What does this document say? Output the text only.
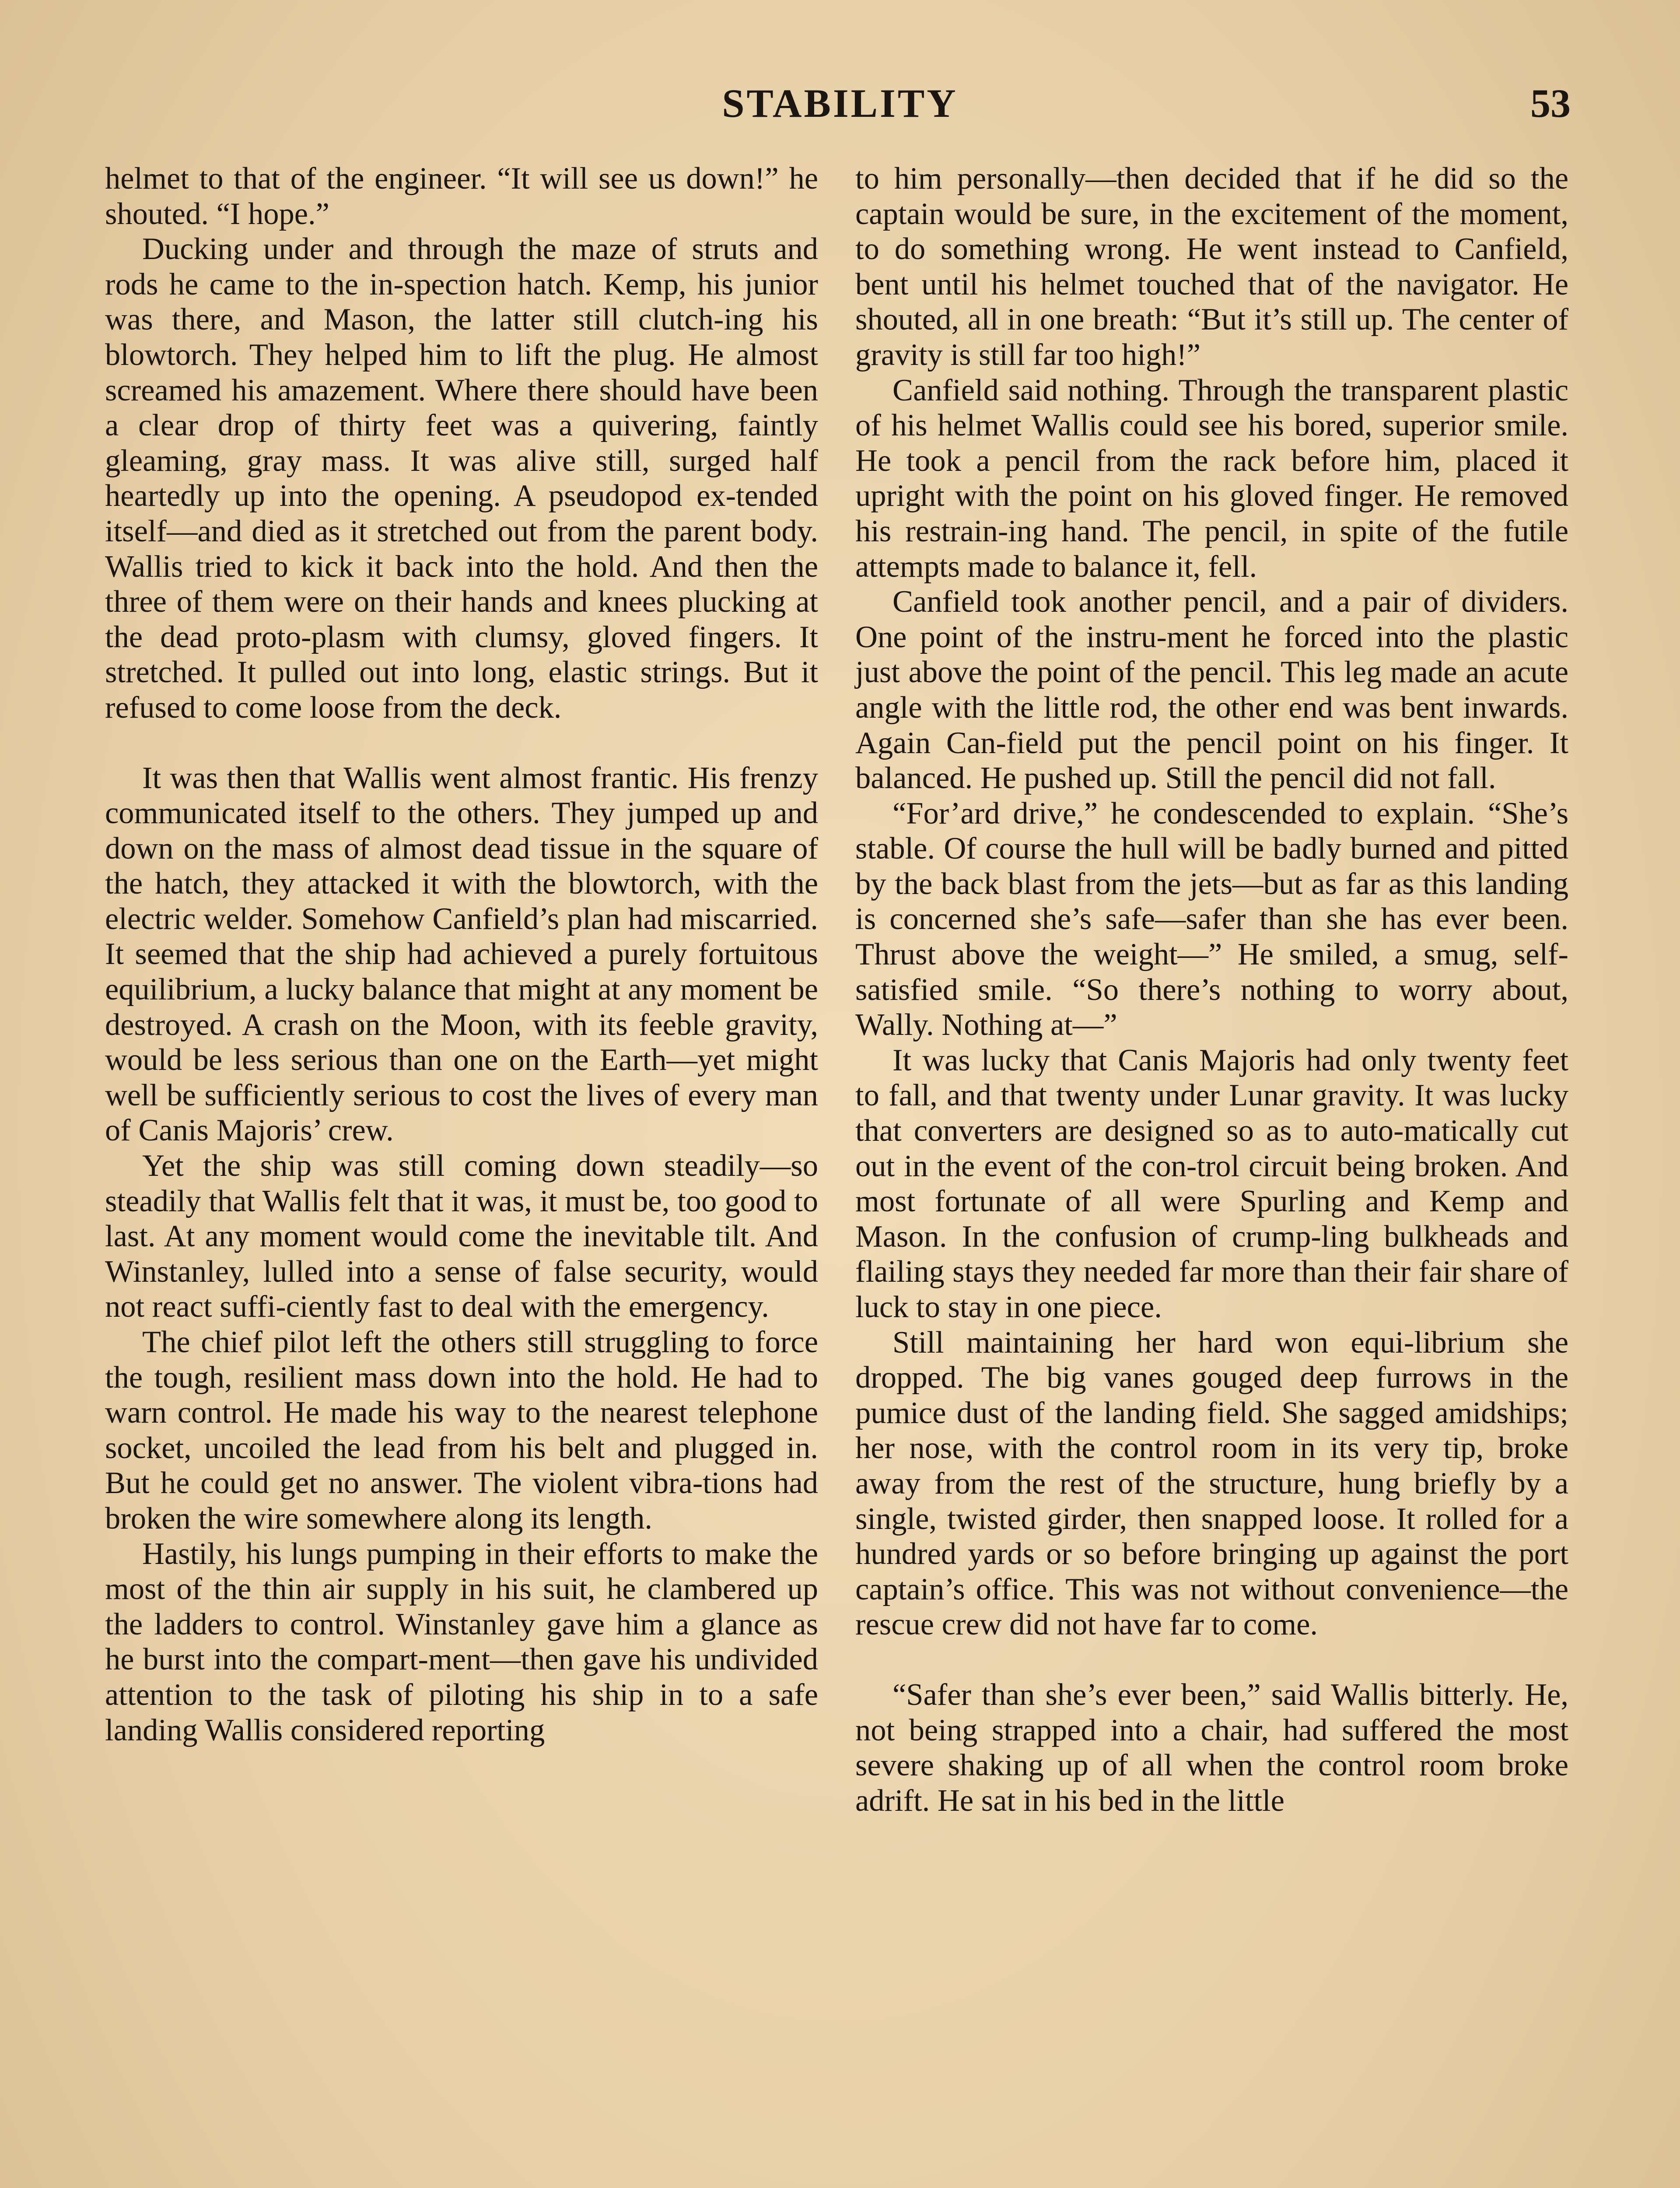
STABILITY	53

helmet to that of the engineer. “It will see us down!” he shouted. “I hope.”

Ducking under and through the maze of struts and rods he came to the in-spection hatch. Kemp, his junior was there, and Mason, the latter still clutch-ing his blowtorch. They helped him to lift the plug. He almost screamed his amazement. Where there should have been a clear drop of thirty feet was a quivering, faintly gleaming, gray mass. It was alive still, surged half heartedly up into the opening. A pseudopod ex-tended itself—and died as it stretched out from the parent body. Wallis tried to kick it back into the hold. And then the three of them were on their hands and knees plucking at the dead proto-plasm with clumsy, gloved fingers. It stretched. It pulled out into long, elastic strings. But it refused to come loose from the deck.

It was then that Wallis went almost frantic. His frenzy communicated itself to the others. They jumped up and down on the mass of almost dead tissue in the square of the hatch, they attacked it with the blowtorch, with the electric welder. Somehow Canfield’s plan had miscarried. It seemed that the ship had achieved a purely fortuitous equilibrium, a lucky balance that might at any moment be destroyed. A crash on the Moon, with its feeble gravity, would be less serious than one on the Earth—yet might well be sufficiently serious to cost the lives of every man of Canis Majoris’ crew.

Yet the ship was still coming down steadily—so steadily that Wallis felt that it was, it must be, too good to last. At any moment would come the inevitable tilt. And Winstanley, lulled into a sense of false security, would not react suffi-ciently fast to deal with the emergency.

The chief pilot left the others still struggling to force the tough, resilient mass down into the hold. He had to warn control. He made his way to the nearest telephone socket, uncoiled the lead from his belt and plugged in. But he could get no answer. The violent vibra-tions had broken the wire somewhere along its length.

Hastily, his lungs pumping in their efforts to make the most of the thin air supply in his suit, he clambered up the ladders to control. Winstanley gave him a glance as he burst into the compart-ment—then gave his undivided attention to the task of piloting his ship in to a safe landing Wallis considered reporting

to him personally—then decided that if he did so the captain would be sure, in the excitement of the moment, to do something wrong. He went instead to Canfield, bent until his helmet touched that of the navigator. He shouted, all in one breath: “But it’s still up. The center of gravity is still far too high!”

Canfield said nothing. Through the transparent plastic of his helmet Wallis could see his bored, superior smile. He took a pencil from the rack before him, placed it upright with the point on his gloved finger. He removed his restrain-ing hand. The pencil, in spite of the futile attempts made to balance it, fell.

Canfield took another pencil, and a pair of dividers. One point of the instru-ment he forced into the plastic just above the point of the pencil. This leg made an acute angle with the little rod, the other end was bent inwards. Again Can-field put the pencil point on his finger. It balanced. He pushed up. Still the pencil did not fall.

“For’ard drive,” he condescended to explain. “She’s stable. Of course the hull will be badly burned and pitted by the back blast from the jets—but as far as this landing is concerned she’s safe—safer than she has ever been. Thrust above the weight—” He smiled, a smug, self-satisfied smile. “So there’s nothing to worry about, Wally. Nothing at—”

It was lucky that Canis Majoris had only twenty feet to fall, and that twenty under Lunar gravity. It was lucky that converters are designed so as to auto-matically cut out in the event of the con-trol circuit being broken. And most fortunate of all were Spurling and Kemp and Mason. In the confusion of crump-ling bulkheads and flailing stays they needed far more than their fair share of luck to stay in one piece.

Still maintaining her hard won equi-librium she dropped. The big vanes gouged deep furrows in the pumice dust of the landing field. She sagged amidships; her nose, with the control room in its very tip, broke away from the rest of the structure, hung briefly by a single, twisted girder, then snapped loose. It rolled for a hundred yards or so before bringing up against the port captain’s office. This was not without convenience—the rescue crew did not have far to come.

“Safer than she’s ever been,” said Wallis bitterly. He, not being strapped into a chair, had suffered the most severe shaking up of all when the control room broke adrift. He sat in his bed in the little
